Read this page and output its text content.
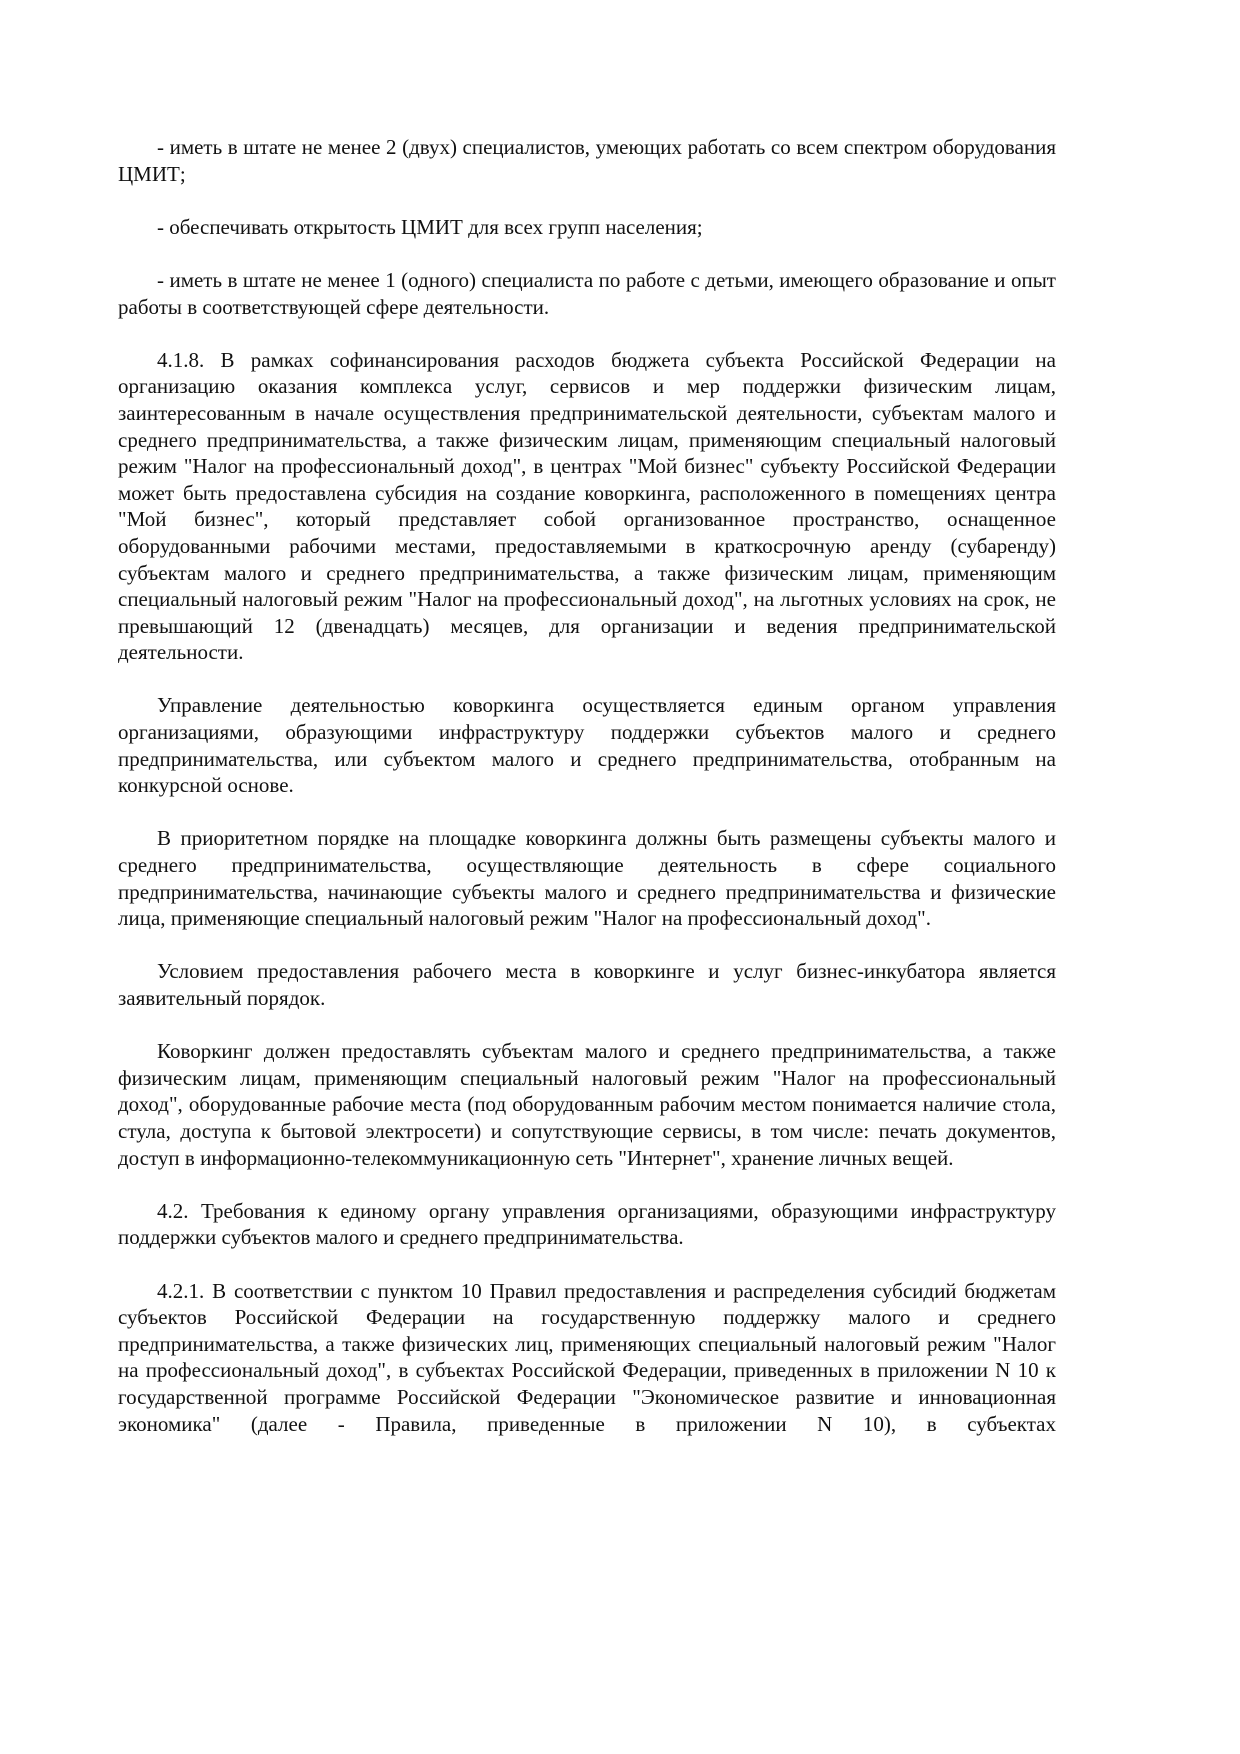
- иметь в штате не менее 2 (двух) специалистов, умеющих работать со всем спектром оборудования ЦМИТ;

- обеспечивать открытость ЦМИТ для всех групп населения;

- иметь в штате не менее 1 (одного) специалиста по работе с детьми, имеющего образование и опыт работы в соответствующей сфере деятельности.

4.1.8. В рамках софинансирования расходов бюджета субъекта Российской Федерации на организацию оказания комплекса услуг, сервисов и мер поддержки физическим лицам, заинтересованным в начале осуществления предпринимательской деятельности, субъектам малого и среднего предпринимательства, а также физическим лицам, применяющим специальный налоговый режим "Налог на профессиональный доход", в центрах "Мой бизнес" субъекту Российской Федерации может быть предоставлена субсидия на создание коворкинга, расположенного в помещениях центра "Мой бизнес", который представляет собой организованное пространство, оснащенное оборудованными рабочими местами, предоставляемыми в краткосрочную аренду (субаренду) субъектам малого и среднего предпринимательства, а также физическим лицам, применяющим специальный налоговый режим "Налог на профессиональный доход", на льготных условиях на срок, не превышающий 12 (двенадцать) месяцев, для организации и ведения предпринимательской деятельности.

Управление деятельностью коворкинга осуществляется единым органом управления организациями, образующими инфраструктуру поддержки субъектов малого и среднего предпринимательства, или субъектом малого и среднего предпринимательства, отобранным на конкурсной основе.

В приоритетном порядке на площадке коворкинга должны быть размещены субъекты малого и среднего предпринимательства, осуществляющие деятельность в сфере социального предпринимательства, начинающие субъекты малого и среднего предпринимательства и физические лица, применяющие специальный налоговый режим "Налог на профессиональный доход".

Условием предоставления рабочего места в коворкинге и услуг бизнес-инкубатора является заявительный порядок.

Коворкинг должен предоставлять субъектам малого и среднего предпринимательства, а также физическим лицам, применяющим специальный налоговый режим "Налог на профессиональный доход", оборудованные рабочие места (под оборудованным рабочим местом понимается наличие стола, стула, доступа к бытовой электросети) и сопутствующие сервисы, в том числе: печать документов, доступ в информационно-телекоммуникационную сеть "Интернет", хранение личных вещей.

4.2. Требования к единому органу управления организациями, образующими инфраструктуру поддержки субъектов малого и среднего предпринимательства.

4.2.1. В соответствии с пунктом 10 Правил предоставления и распределения субсидий бюджетам субъектов Российской Федерации на государственную поддержку малого и среднего предпринимательства, а также физических лиц, применяющих специальный налоговый режим "Налог на профессиональный доход", в субъектах Российской Федерации, приведенных в приложении N 10 к государственной программе Российской Федерации "Экономическое развитие и инновационная экономика" (далее - Правила, приведенные в приложении N 10), в субъектах
